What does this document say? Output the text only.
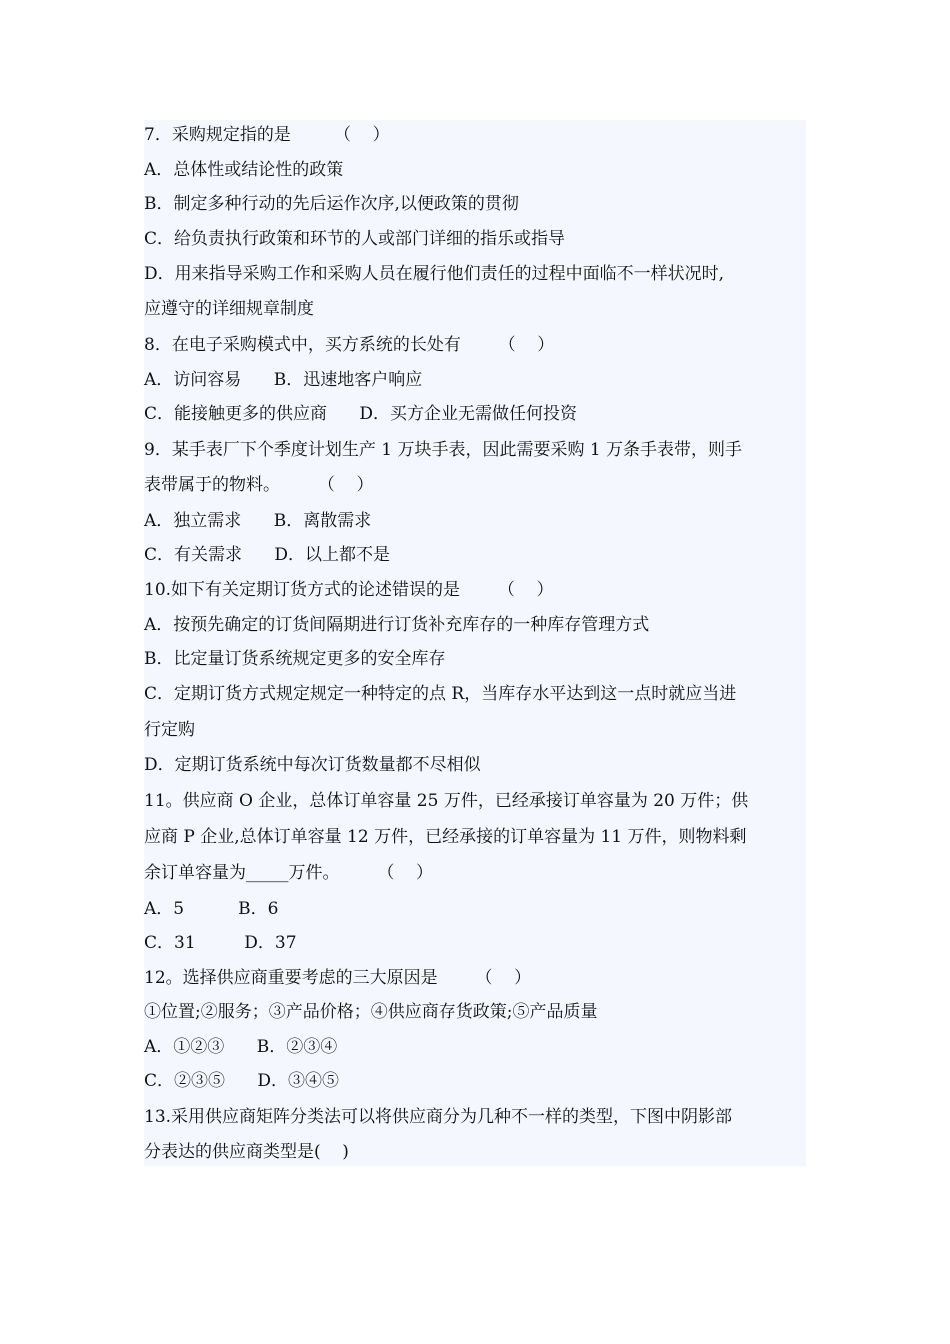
7．采购规定指的是        （    ）
A．总体性或结论性的政策
B．制定多种行动的先后运作次序,以便政策的贯彻
C．给负责执行政策和环节的人或部门详细的指乐或指导
D．用来指导采购工作和采购人员在履行他们责任的过程中面临不一样状况时,
应遵守的详细规章制度
8．在电子采购模式中，买方系统的长处有       （    ）
A．访问容易      B．迅速地客户响应
C．能接触更多的供应商      D．买方企业无需做任何投资
9．某手表厂下个季度计划生产 1 万块手表，因此需要采购 1 万条手表带，则手
表带属于的物料。       （    ）
A．独立需求      B．离散需求
C．有关需求      D．以上都不是
10.如下有关定期订货方式的论述错误的是       （    ）
A．按预先确定的订货间隔期进行订货补充库存的一种库存管理方式
B．比定量订货系统规定更多的安全库存
C．定期订货方式规定规定一种特定的点 R，当库存水平达到这一点时就应当进
行定购
D．定期订货系统中每次订货数量都不尽相似
11。供应商 O 企业，总体订单容量 25 万件，已经承接订单容量为 20 万件；供
应商 P 企业,总体订单容量 12 万件，已经承接的订单容量为 11 万件，则物料剩
余订单容量为_____万件。       （    ）
A．5          B．6
C．31         D．37
12。选择供应商重要考虑的三大原因是       （    ）
①位置;②服务；③产品价格；④供应商存货政策;⑤产品质量
A．①②③      B．②③④
C．②③⑤      D．③④⑤
13.采用供应商矩阵分类法可以将供应商分为几种不一样的类型，下图中阴影部
分表达的供应商类型是(    )
